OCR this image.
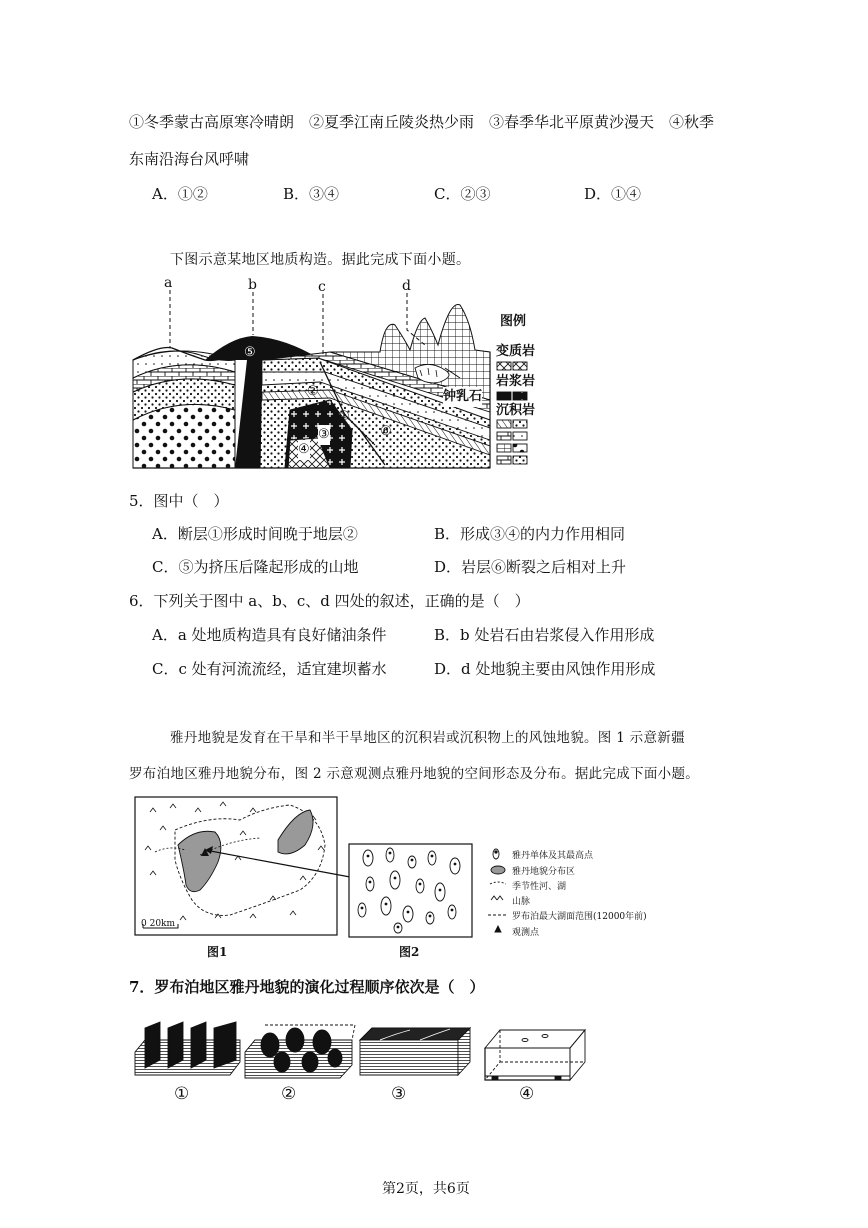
①冬季蒙古高原寒冷晴朗　②夏季江南丘陵炎热少雨　③春季华北平原黄沙漫天　④秋季
东南沿海台风呼啸
A．①②	B．③④	C．②③	D．①④
下图示意某地区地质构造。据此完成下面小题。
a	b	c	d
⑤
②
①
⑥
③
④
钟乳石
图例
变质岩
岩浆岩
沉积岩
5．图中（　）
A．断层①形成时间晚于地层②	B．形成③④的内力作用相同
C．⑤为挤压后隆起形成的山地	D．岩层⑥断裂之后相对上升
6．下列关于图中 a、b、c、d 四处的叙述，正确的是（　）
A．a 处地质构造具有良好储油条件	B．b 处岩石由岩浆侵入作用形成
C．c 处有河流流经，适宜建坝蓄水	D．d 处地貌主要由风蚀作用形成
雅丹地貌是发育在干旱和半干旱地区的沉积岩或沉积物上的风蚀地貌。图 1 示意新疆
罗布泊地区雅丹地貌分布，图 2 示意观测点雅丹地貌的空间形态及分布。据此完成下面小题。
0 20km
图1	图2
雅丹单体及其最高点
雅丹地貌分布区
季节性河、湖
山脉
罗布泊最大湖面范围(12000年前)
观测点
7．罗布泊地区雅丹地貌的演化过程顺序依次是（　）
①	②	③	④
第2页，共6页
